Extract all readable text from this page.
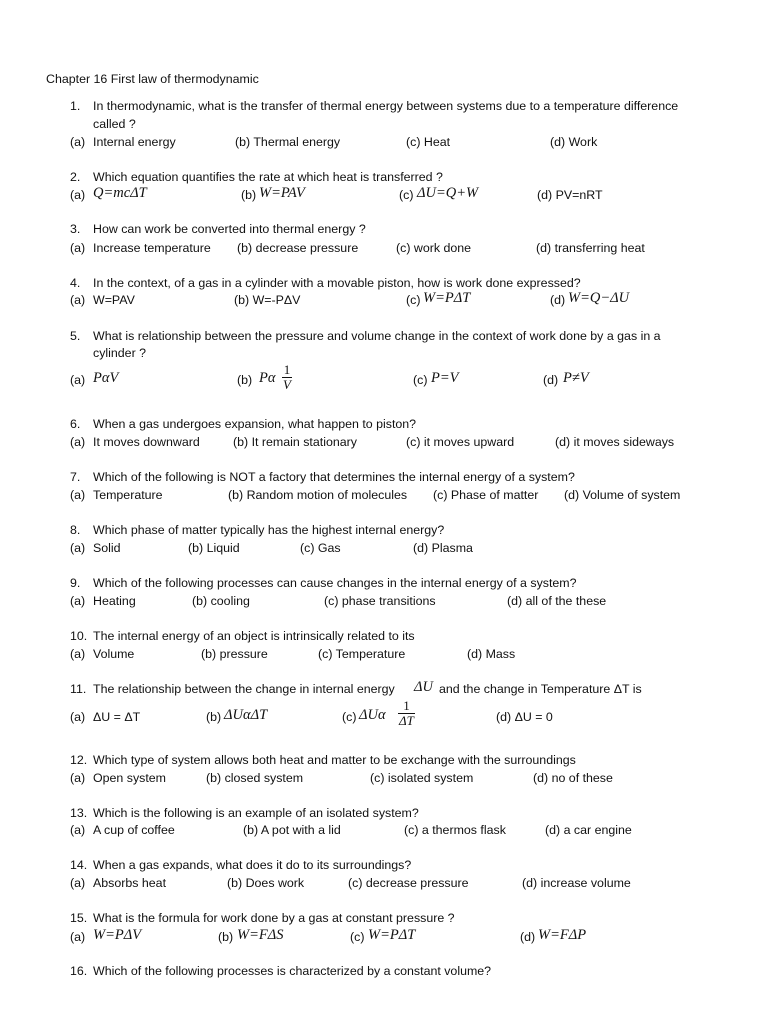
Chapter 16 First law of thermodynamic
1. In thermodynamic, what is the transfer of thermal energy between systems due to a temperature difference
called ?
(a) Internal energy	(b) Thermal energy	(c) Heat	(d) Work
2. Which equation quantifies the rate at which heat is transferred ?
(a) Q=mcΔT	(b) W=PAV	(c) ΔU=Q+W	(d) PV=nRT
3. How can work be converted into thermal energy ?
(a) Increase temperature (b) decrease pressure	(c) work done	(d) transferring heat
4. In the context, of a gas in a cylinder with a movable piston, how is work done expressed?
(a) W=PAV	(b) W=-PΔV	(c) W=PΔT	(d) W=Q−ΔU
5. What is relationship between the pressure and volume change in the context of work done by a gas in a
cylinder ?
(a) PαV	(b) Pα $\frac{1}{V}$	(c) P=V	(d) P≠V
6. When a gas undergoes expansion, what happen to piston?
(a) It moves downward	(b) It remain stationary	(c) it moves upward	(d) it moves sideways
7. Which of the following is NOT a factory that determines the internal energy of a system?
(a) Temperature	(b) Random motion of molecules (c) Phase of matter (d) Volume of system
8. Which phase of matter typically has the highest internal energy?
(a) Solid	(b) Liquid	(c) Gas	(d) Plasma
9. Which of the following processes can cause changes in the internal energy of a system?
(a) Heating	(b) cooling	(c) phase transitions	(d) all of the these
10. The internal energy of an object is intrinsically related to its
(a) Volume	(b) pressure	(c) Temperature	(d) Mass
11. The relationship between the change in internal energy ΔU and the change in Temperature ΔT is
(a) ΔU = ΔT	(b) ΔUαΔT	(c) ΔUα $\frac{1}{\Delta T}$	(d) ΔU = 0
12. Which type of system allows both heat and matter to be exchange with the surroundings
(a) Open system	(b) closed system	(c) isolated system	(d) no of these
13. Which is the following is an example of an isolated system?
(a) A cup of coffee	(b) A pot with a lid	(c) a thermos flask	(d) a car engine
14. When a gas expands, what does it do to its surroundings?
(a) Absorbs heat	(b) Does work	(c) decrease pressure	(d) increase volume
15. What is the formula for work done by a gas at constant pressure ?
(a) W=PΔV	(b) W=FΔS	(c) W=PΔT	(d) W=FΔP
16. Which of the following processes is characterized by a constant volume?
